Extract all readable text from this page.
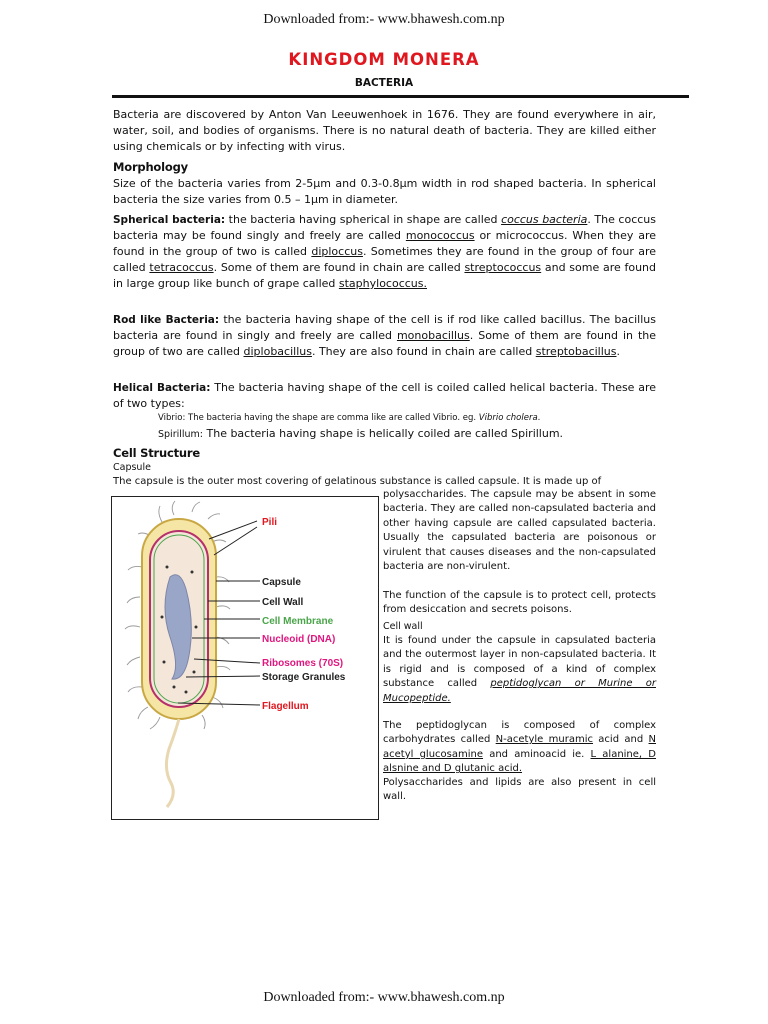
Downloaded from:- www.bhawesh.com.np
KINGDOM MONERA
BACTERIA
Bacteria are discovered by Anton Van Leeuwenhoek in 1676. They are found everywhere in air, water, soil, and bodies of organisms. There is no natural death of bacteria. They are killed either using chemicals or by infecting with virus.
Morphology
Size of the bacteria varies from 2-5µm and 0.3-0.8µm width in rod shaped bacteria. In spherical bacteria the size varies from 0.5 – 1µm in diameter.
Spherical bacteria: the bacteria having spherical in shape are called coccus bacteria. The coccus bacteria may be found singly and freely are called monococcus or micrococcus. When they are found in the group of two is called diploccus. Sometimes they are found in the group of four are called tetracoccus. Some of them are found in chain are called streptococcus and some are found in large group like bunch of grape called staphylococcus.
Rod like Bacteria: the bacteria having shape of the cell is if rod like called bacillus. The bacillus bacteria are found in singly and freely are called monobacillus. Some of them are found in the group of two are called diplobacillus. They are also found in chain are called streptobacillus.
Helical Bacteria: The bacteria having shape of the cell is coiled called helical bacteria. These are of two types:
Vibrio: The bacteria having the shape are comma like are called Vibrio. eg. Vibrio cholera.
Spirillum: The bacteria having shape is helically coiled are called Spirillum.
Cell Structure
Capsule
The capsule is the outer most covering of gelatinous substance is called capsule. It is made up of
polysaccharides. The capsule may be absent in some bacteria. They are called non-capsulated bacteria and other having capsule are called capsulated bacteria. Usually the capsulated bacteria are poisonous or virulent that causes diseases and the non-capsulated bacteria are non-virulent.
The function of the capsule is to protect cell, protects from desiccation and secrets poisons.
Cell wall
It is found under the capsule in capsulated bacteria and the outermost layer in non-capsulated bacteria. It is rigid and is composed of a kind of complex substance called peptidoglycan or Murine or Mucopeptide.
The peptidoglycan is composed of complex carbohydrates called N-acetyle muramic acid and N acetyl glucosamine and aminoacid ie. L alanine, D alsnine and D glutanic acid.
Polysaccharides and lipids are also present in cell wall.
Pili
Capsule
Cell Wall
Cell Membrane
Nucleoid (DNA)
Ribosomes (70S)
Storage Granules
Flagellum
Downloaded from:- www.bhawesh.com.np
